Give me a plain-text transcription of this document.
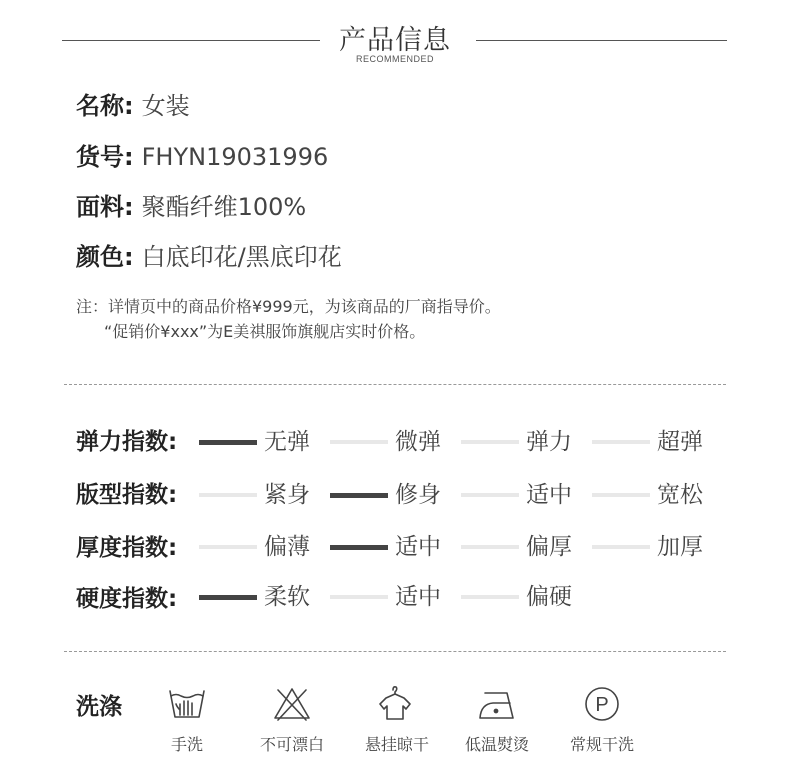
产品信息
RECOMMENDED
名称: 女装
货号: FHYN19031996
面料: 聚酯纤维100%
颜色: 白底印花/黑底印花
注：详情页中的商品价格¥999元，为该商品的厂商指导价。
“促销价¥xxx”为E美祺服饰旗舰店实时价格。
弹力指数:	无弹	微弹	弹力	超弹
版型指数:	紧身	修身	适中	宽松
厚度指数:	偏薄	适中	偏厚	加厚
硬度指数:	柔软	适中	偏硬
洗涤
手洗	不可漂白	悬挂晾干 低温熨烫
P
常规干洗
